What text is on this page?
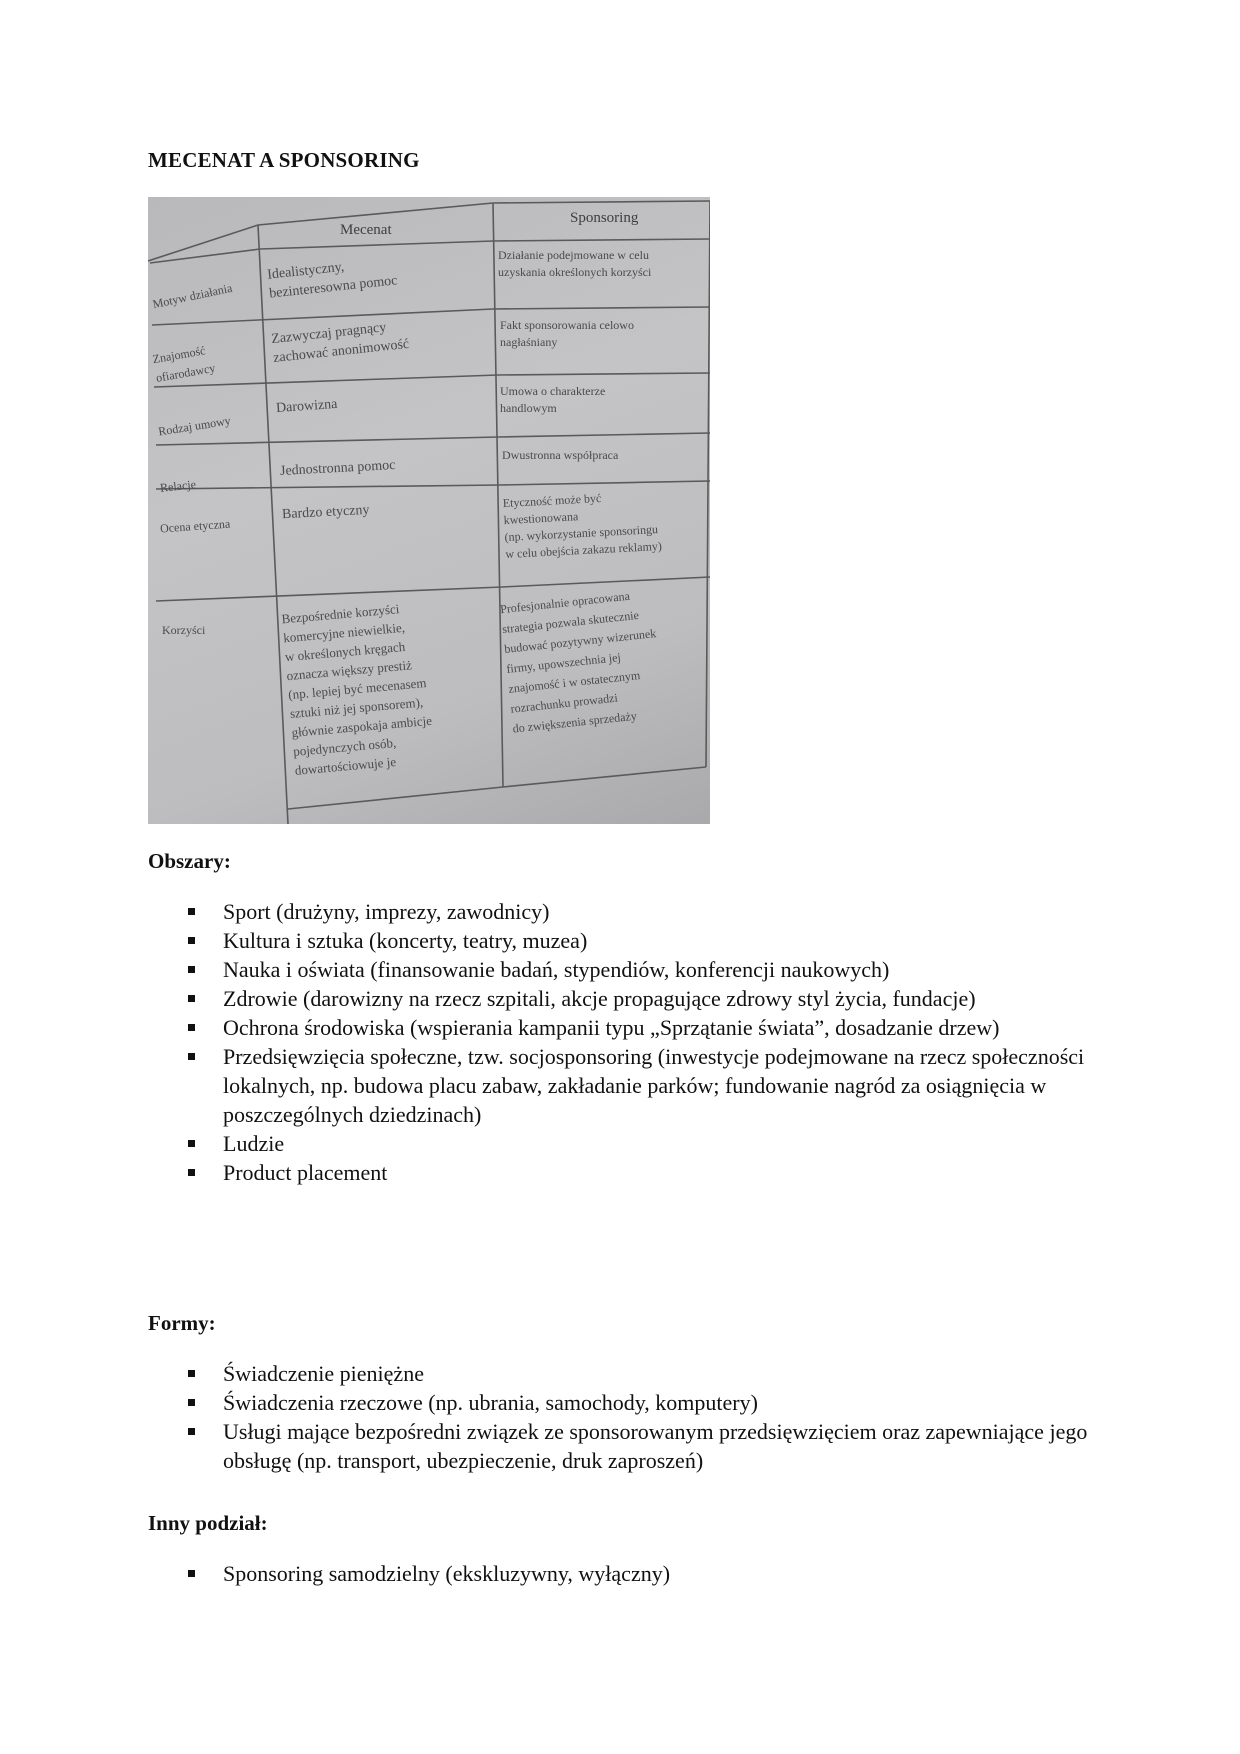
MECENAT A SPONSORING
Mecenat
Sponsoring
Motyw działania
Idealistyczny,
bezinteresowna pomoc
Działanie podejmowane w celu
uzyskania określonych korzyści
Znajomość
ofiarodawcy
Zazwyczaj pragnący
zachować anonimowość
Fakt sponsorowania celowo
nagłaśniany
Rodzaj umowy
Darowizna
Umowa o charakterze
handlowym
Relacje
Jednostronna pomoc
Dwustronna współpraca
Ocena etyczna
Bardzo etyczny
Etyczność może być
kwestionowana
(np. wykorzystanie sponsoringu
w celu obejścia zakazu reklamy)
Korzyści
Bezpośrednie korzyści
komercyjne niewielkie,
w określonych kręgach
oznacza większy prestiż
(np. lepiej być mecenasem
sztuki niż jej sponsorem),
głównie zaspokaja ambicje
pojedynczych osób,
dowartościowuje je
Profesjonalnie opracowana
strategia pozwala skutecznie
budować pozytywny wizerunek
firmy, upowszechnia jej
znajomość i w ostatecznym
rozrachunku prowadzi
do zwiększenia sprzedaży
Obszary:
Sport (drużyny, imprezy, zawodnicy)
Kultura i sztuka (koncerty, teatry, muzea)
Nauka i oświata (finansowanie badań, stypendiów, konferencji naukowych)
Zdrowie (darowizny na rzecz szpitali, akcje propagujące zdrowy styl życia, fundacje)
Ochrona środowiska (wspierania kampanii typu „Sprzątanie świata”, dosadzanie drzew)
Przedsięwzięcia społeczne, tzw. socjosponsoring (inwestycje podejmowane na rzecz społeczności lokalnych, np. budowa placu zabaw, zakładanie parków; fundowanie nagród za osiągnięcia w poszczególnych dziedzinach)
Ludzie
Product placement
Formy:
Świadczenie pieniężne
Świadczenia rzeczowe (np. ubrania, samochody, komputery)
Usługi mające bezpośredni związek ze sponsorowanym przedsięwzięciem oraz zapewniające jego obsługę (np. transport, ubezpieczenie, druk zaproszeń)
Inny podział:
Sponsoring samodzielny (ekskluzywny, wyłączny)
